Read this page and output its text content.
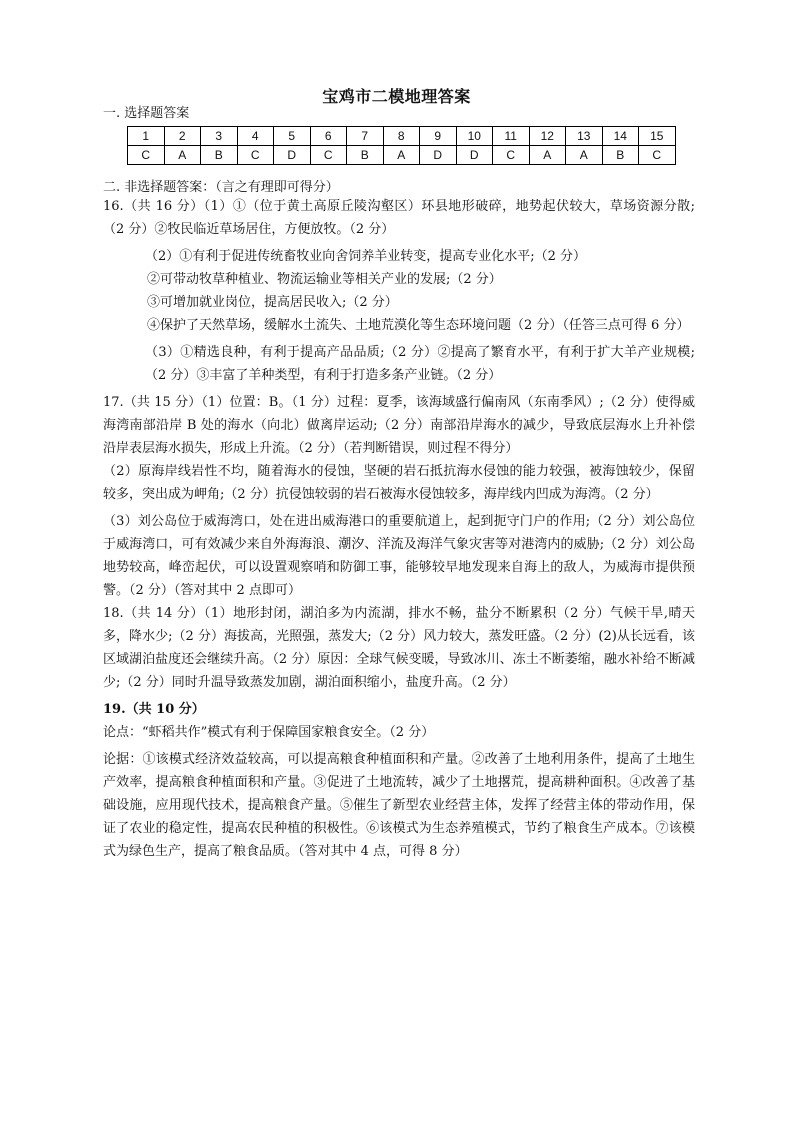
宝鸡市二模地理答案
一. 选择题答案
1	2	3	4	5	6	7	8	9	10	11	12	13	14	15
C	A	B	C	D	C	B	A	D	D	C	A	A	B	C
二. 非选择题答案：（言之有理即可得分）

16.（共 16 分）（1）①（位于黄土高原丘陵沟壑区）环县地形破碎，地势起伏较大，草场资源分散;（2 分）②牧民临近草场居住，方便放牧。（2 分）

（2）①有利于促进传统畜牧业向舍饲养羊业转变，提高专业化水平;（2 分）

②可带动牧草种植业、物流运输业等相关产业的发展;（2 分）

③可增加就业岗位，提高居民收入;（2 分）

④保护了天然草场，缓解水土流失、土地荒漠化等生态环境问题（2 分）（任答三点可得 6 分）

（3）①精选良种，有利于提高产品品质;（2 分）②提高了繁育水平，有利于扩大羊产业规模;（2 分）③丰富了羊种类型，有利于打造多条产业链。（2 分）

17.（共 15 分）（1）位置：B。（1 分）过程：夏季，该海域盛行偏南风（东南季风）;（2 分）使得威海湾南部沿岸 B 处的海水（向北）做离岸运动;（2 分）南部沿岸海水的减少，导致底层海水上升补偿沿岸表层海水损失，形成上升流。（2 分）（若判断错误，则过程不得分）

（2）原海岸线岩性不均，随着海水的侵蚀，坚硬的岩石抵抗海水侵蚀的能力较强，被海蚀较少，保留较多，突出成为岬角;（2 分）抗侵蚀较弱的岩石被海水侵蚀较多，海岸线内凹成为海湾。（2 分）

（3）刘公岛位于威海湾口，处在进出威海港口的重要航道上，起到扼守门户的作用;（2 分）刘公岛位于威海湾口，可有效减少来自外海海浪、潮汐、洋流及海洋气象灾害等对港湾内的威胁;（2 分）刘公岛地势较高，峰峦起伏，可以设置观察哨和防御工事，能够较早地发现来自海上的敌人，为威海市提供预警。（2 分）（答对其中 2 点即可）

18.（共 14 分）（1）地形封闭，湖泊多为内流湖，排水不畅，盐分不断累积（2 分）气候干旱,晴天多，降水少;（2 分）海拔高，光照强，蒸发大;（2 分）风力较大，蒸发旺盛。（2 分）(2)从长远看，该区域湖泊盐度还会继续升高。（2 分）原因：全球气候变暖，导致冰川、冻土不断萎缩，融水补给不断减少;（2 分）同时升温导致蒸发加剧，湖泊面积缩小，盐度升高。（2 分）

19.（共 10 分）

论点：“虾稻共作”模式有利于保障国家粮食安全。（2 分）

论据：①该模式经济效益较高，可以提高粮食种植面积和产量。②改善了土地利用条件，提高了土地生产效率，提高粮食种植面积和产量。③促进了土地流转，减少了土地撂荒，提高耕种面积。④改善了基础设施，应用现代技术，提高粮食产量。⑤催生了新型农业经营主体，发挥了经营主体的带动作用，保证了农业的稳定性，提高农民种植的积极性。⑥该模式为生态养殖模式，节约了粮食生产成本。⑦该模式为绿色生产，提高了粮食品质。（答对其中 4 点，可得 8 分）
